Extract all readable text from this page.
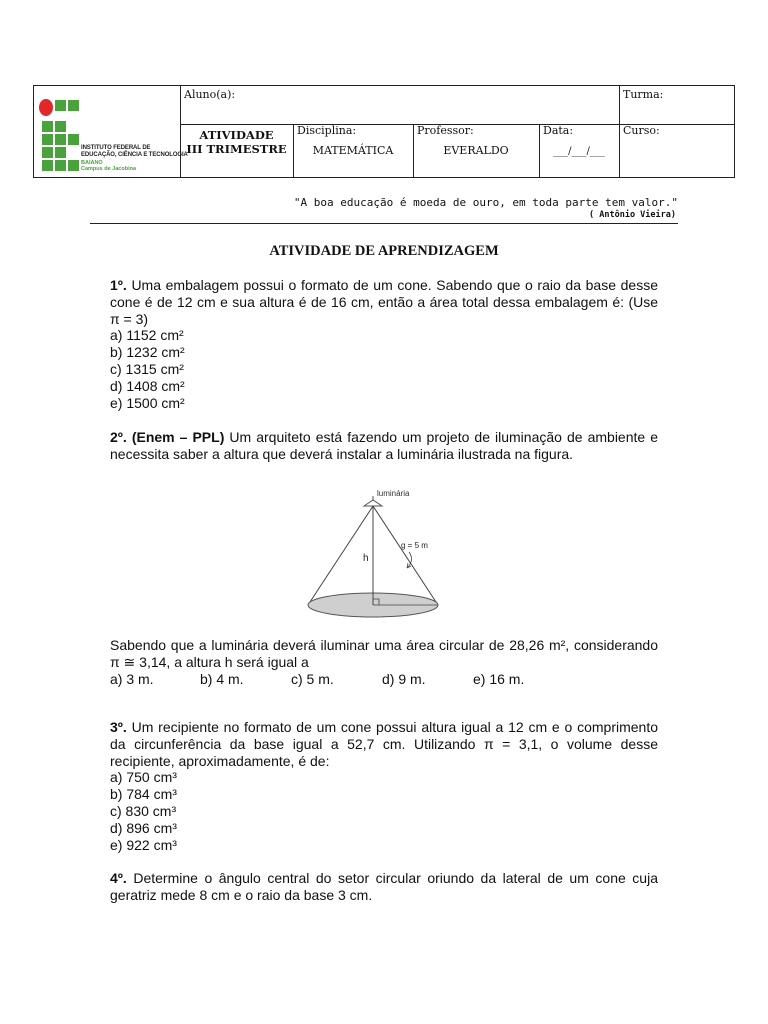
INSTITUTO FEDERAL DE
EDUCAÇÃO, CIÊNCIA E TECNOLOGIA
BAIANO
Campus de Jacobina
Aluno(a):	Turma:
ATIVIDADE
III TRIMESTRE
Disciplina:
MATEMÁTICA
Professor:
EVERALDO
Data:
___/___/___
Curso:
"A boa educação é moeda de ouro, em toda parte tem valor."
( Antônio Vieira)
ATIVIDADE DE APRENDIZAGEM

1º. Uma embalagem possui o formato de um cone. Sabendo que o raio da base desse cone é de 12 cm e sua altura é de 16 cm, então a área total dessa embalagem é: (Use π = 3)

a) 1152 cm²
b) 1232 cm²
c) 1315 cm²
d) 1408 cm²
e) 1500 cm²

2º. (Enem – PPL) Um arquiteto está fazendo um projeto de iluminação de ambiente e necessita saber a altura que deverá instalar a luminária ilustrada na figura.

luminária
h
g = 5 m

Sabendo que a luminária deverá iluminar uma área circular de 28,26 m², considerando π ≅ 3,14, a altura h será igual a

a) 3 m.	b) 4 m.	c) 5 m.	d) 9 m.	e) 16 m.

3º. Um recipiente no formato de um cone possui altura igual a 12 cm e o comprimento da circunferência da base igual a 52,7 cm. Utilizando π = 3,1, o volume desse recipiente, aproximadamente, é de:

a) 750 cm³
b) 784 cm³
c) 830 cm³
d) 896 cm³
e) 922 cm³

4º. Determine o ângulo central do setor circular oriundo da lateral de um cone cuja geratriz mede 8 cm e o raio da base 3 cm.
